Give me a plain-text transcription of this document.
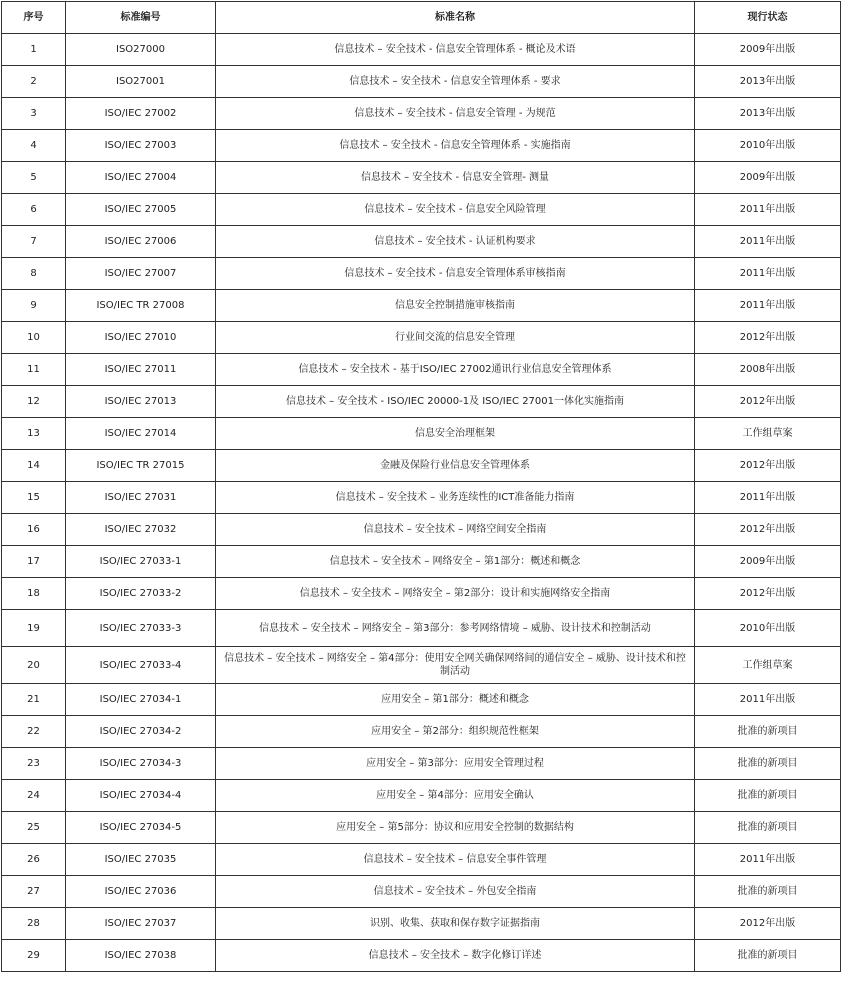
序号	标准编号	标准名称	现行状态
1	ISO27000	信息技术 – 安全技术 - 信息安全管理体系 - 概论及术语	2009年出版
2	ISO27001	信息技术 – 安全技术 - 信息安全管理体系 - 要求	2013年出版
3	ISO/IEC 27002	信息技术 – 安全技术 - 信息安全管理 - 为规范	2013年出版
4	ISO/IEC 27003	信息技术 – 安全技术 - 信息安全管理体系 - 实施指南	2010年出版
5	ISO/IEC 27004	信息技术 – 安全技术 - 信息安全管理- 测量	2009年出版
6	ISO/IEC 27005	信息技术 – 安全技术 - 信息安全风险管理	2011年出版
7	ISO/IEC 27006	信息技术 – 安全技术 - 认证机构要求	2011年出版
8	ISO/IEC 27007	信息技术 – 安全技术 - 信息安全管理体系审核指南	2011年出版
9	ISO/IEC TR 27008	信息安全控制措施审核指南	2011年出版
10	ISO/IEC 27010	行业间交流的信息安全管理	2012年出版
11	ISO/IEC 27011	信息技术 – 安全技术 - 基于ISO/IEC 27002通讯行业信息安全管理体系	2008年出版
12	ISO/IEC 27013	信息技术 – 安全技术 - ISO/IEC 20000-1及 ISO/IEC 27001一体化实施指南	2012年出版
13	ISO/IEC 27014	信息安全治理框架	工作组草案
14	ISO/IEC TR 27015	金融及保险行业信息安全管理体系	2012年出版
15	ISO/IEC 27031	信息技术 – 安全技术 – 业务连续性的ICT准备能力指南	2011年出版
16	ISO/IEC 27032	信息技术 – 安全技术 – 网络空间安全指南	2012年出版
17	ISO/IEC 27033-1	信息技术 – 安全技术 – 网络安全 – 第1部分：概述和概念	2009年出版
18	ISO/IEC 27033-2	信息技术 – 安全技术 – 网络安全 – 第2部分：设计和实施网络安全指南	2012年出版
19	ISO/IEC 27033-3	信息技术 – 安全技术 – 网络安全 – 第3部分：参考网络情境 – 威胁、设计技术和控制活动	2010年出版
20	ISO/IEC 27033-4	信息技术 – 安全技术 – 网络安全 – 第4部分：使用安全网关确保网络间的通信安全 – 威胁、设计技术和控制活动	工作组草案
21	ISO/IEC 27034-1	应用安全 – 第1部分：概述和概念	2011年出版
22	ISO/IEC 27034-2	应用安全 – 第2部分：组织规范性框架	批准的新项目
23	ISO/IEC 27034-3	应用安全 – 第3部分：应用安全管理过程	批准的新项目
24	ISO/IEC 27034-4	应用安全 – 第4部分：应用安全确认	批准的新项目
25	ISO/IEC 27034-5	应用安全 – 第5部分：协议和应用安全控制的数据结构	批准的新项目
26	ISO/IEC 27035	信息技术 – 安全技术 – 信息安全事件管理	2011年出版
27	ISO/IEC 27036	信息技术 – 安全技术 – 外包安全指南	批准的新项目
28	ISO/IEC 27037	识别、收集、获取和保存数字证据指南	2012年出版
29	ISO/IEC 27038	信息技术 – 安全技术 – 数字化修订详述	批准的新项目
